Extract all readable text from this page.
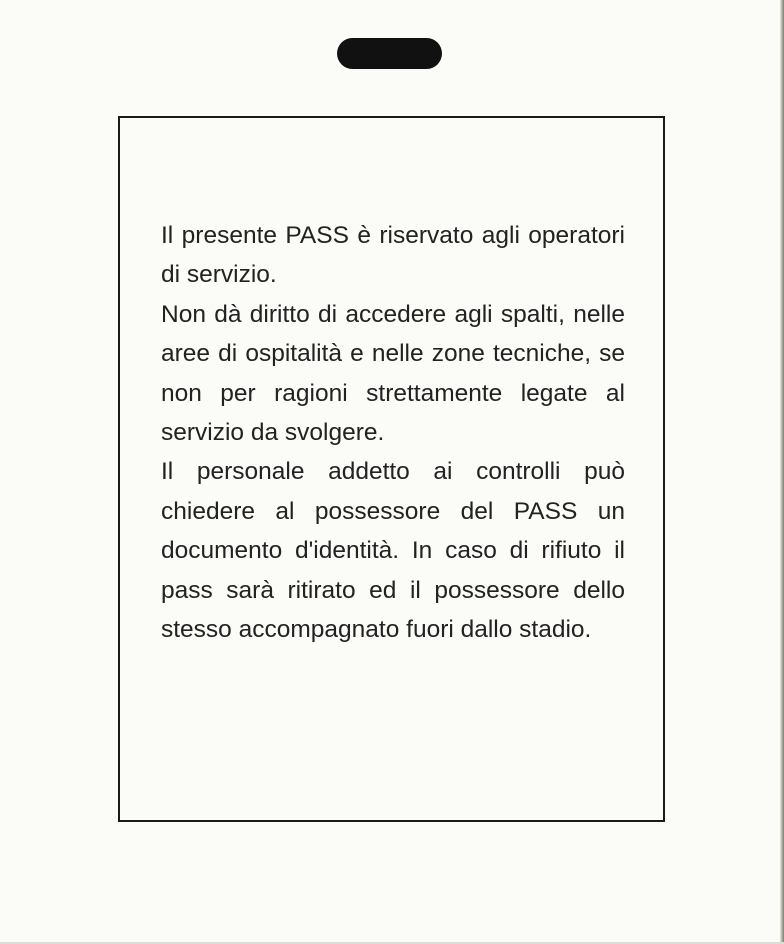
Il presente PASS è riservato agli operatori di servizio.

Non dà diritto di accedere agli spalti, nelle aree di ospitalità e nelle zone tecniche, se non per ragioni strettamente legate al servizio da svolgere.

Il personale addetto ai controlli può chiedere al possessore del PASS un documento d'identità. In caso di rifiuto il pass sarà ritirato ed il possessore dello stesso accompagnato fuori dallo stadio.
